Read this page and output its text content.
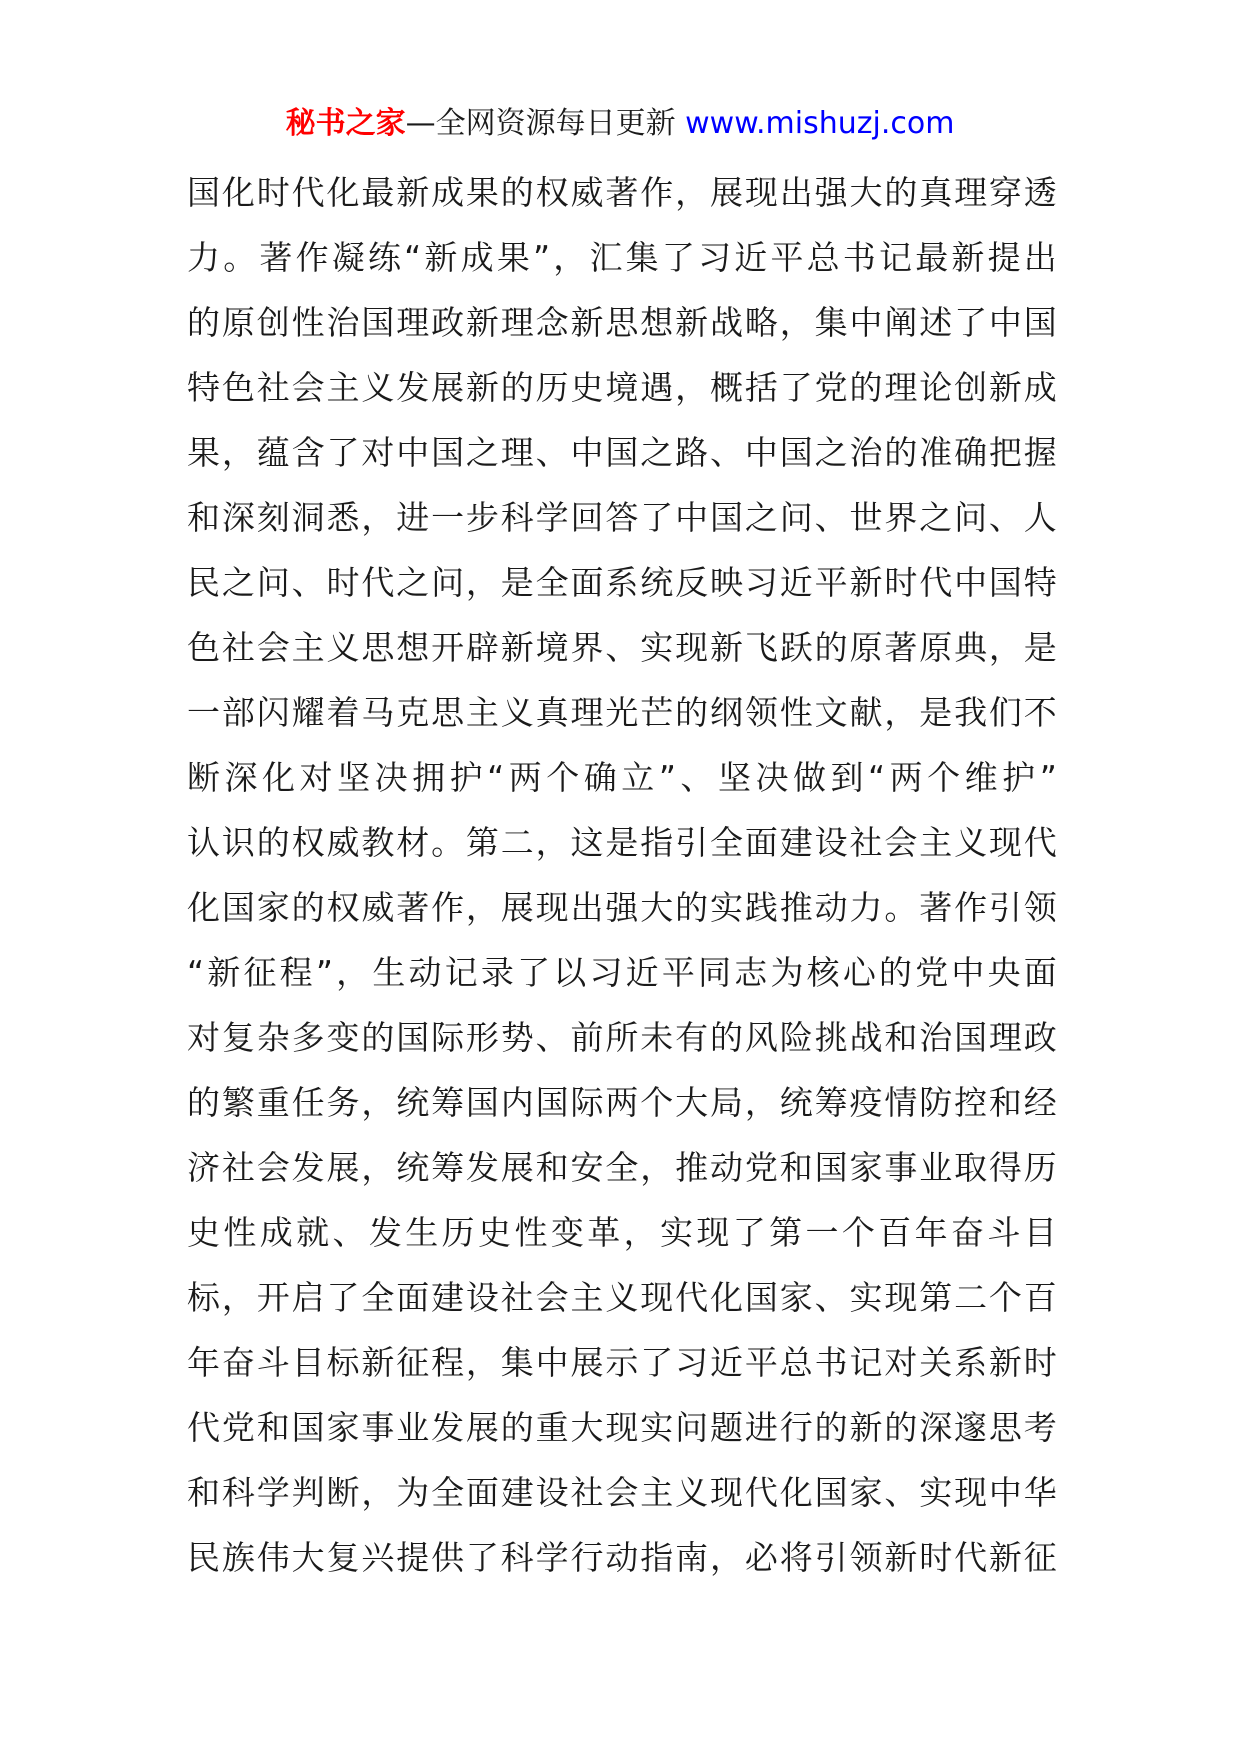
秘书之家—全网资源每日更新 www.mishuzj.com
国化时代化最新成果的权威著作，展现出强大的真理穿透
力。著作凝练“新成果”，汇集了习近平总书记最新提出
的原创性治国理政新理念新思想新战略，集中阐述了中国
特色社会主义发展新的历史境遇，概括了党的理论创新成
果，蕴含了对中国之理、中国之路、中国之治的准确把握
和深刻洞悉，进一步科学回答了中国之问、世界之问、人
民之问、时代之问，是全面系统反映习近平新时代中国特
色社会主义思想开辟新境界、实现新飞跃的原著原典，是
一部闪耀着马克思主义真理光芒的纲领性文献，是我们不
断深化对坚决拥护“两个确立”、坚决做到“两个维护”
认识的权威教材。第二，这是指引全面建设社会主义现代
化国家的权威著作，展现出强大的实践推动力。著作引领
“新征程”，生动记录了以习近平同志为核心的党中央面
对复杂多变的国际形势、前所未有的风险挑战和治国理政
的繁重任务，统筹国内国际两个大局，统筹疫情防控和经
济社会发展，统筹发展和安全，推动党和国家事业取得历
史性成就、发生历史性变革，实现了第一个百年奋斗目
标，开启了全面建设社会主义现代化国家、实现第二个百
年奋斗目标新征程，集中展示了习近平总书记对关系新时
代党和国家事业发展的重大现实问题进行的新的深邃思考
和科学判断，为全面建设社会主义现代化国家、实现中华
民族伟大复兴提供了科学行动指南，必将引领新时代新征
